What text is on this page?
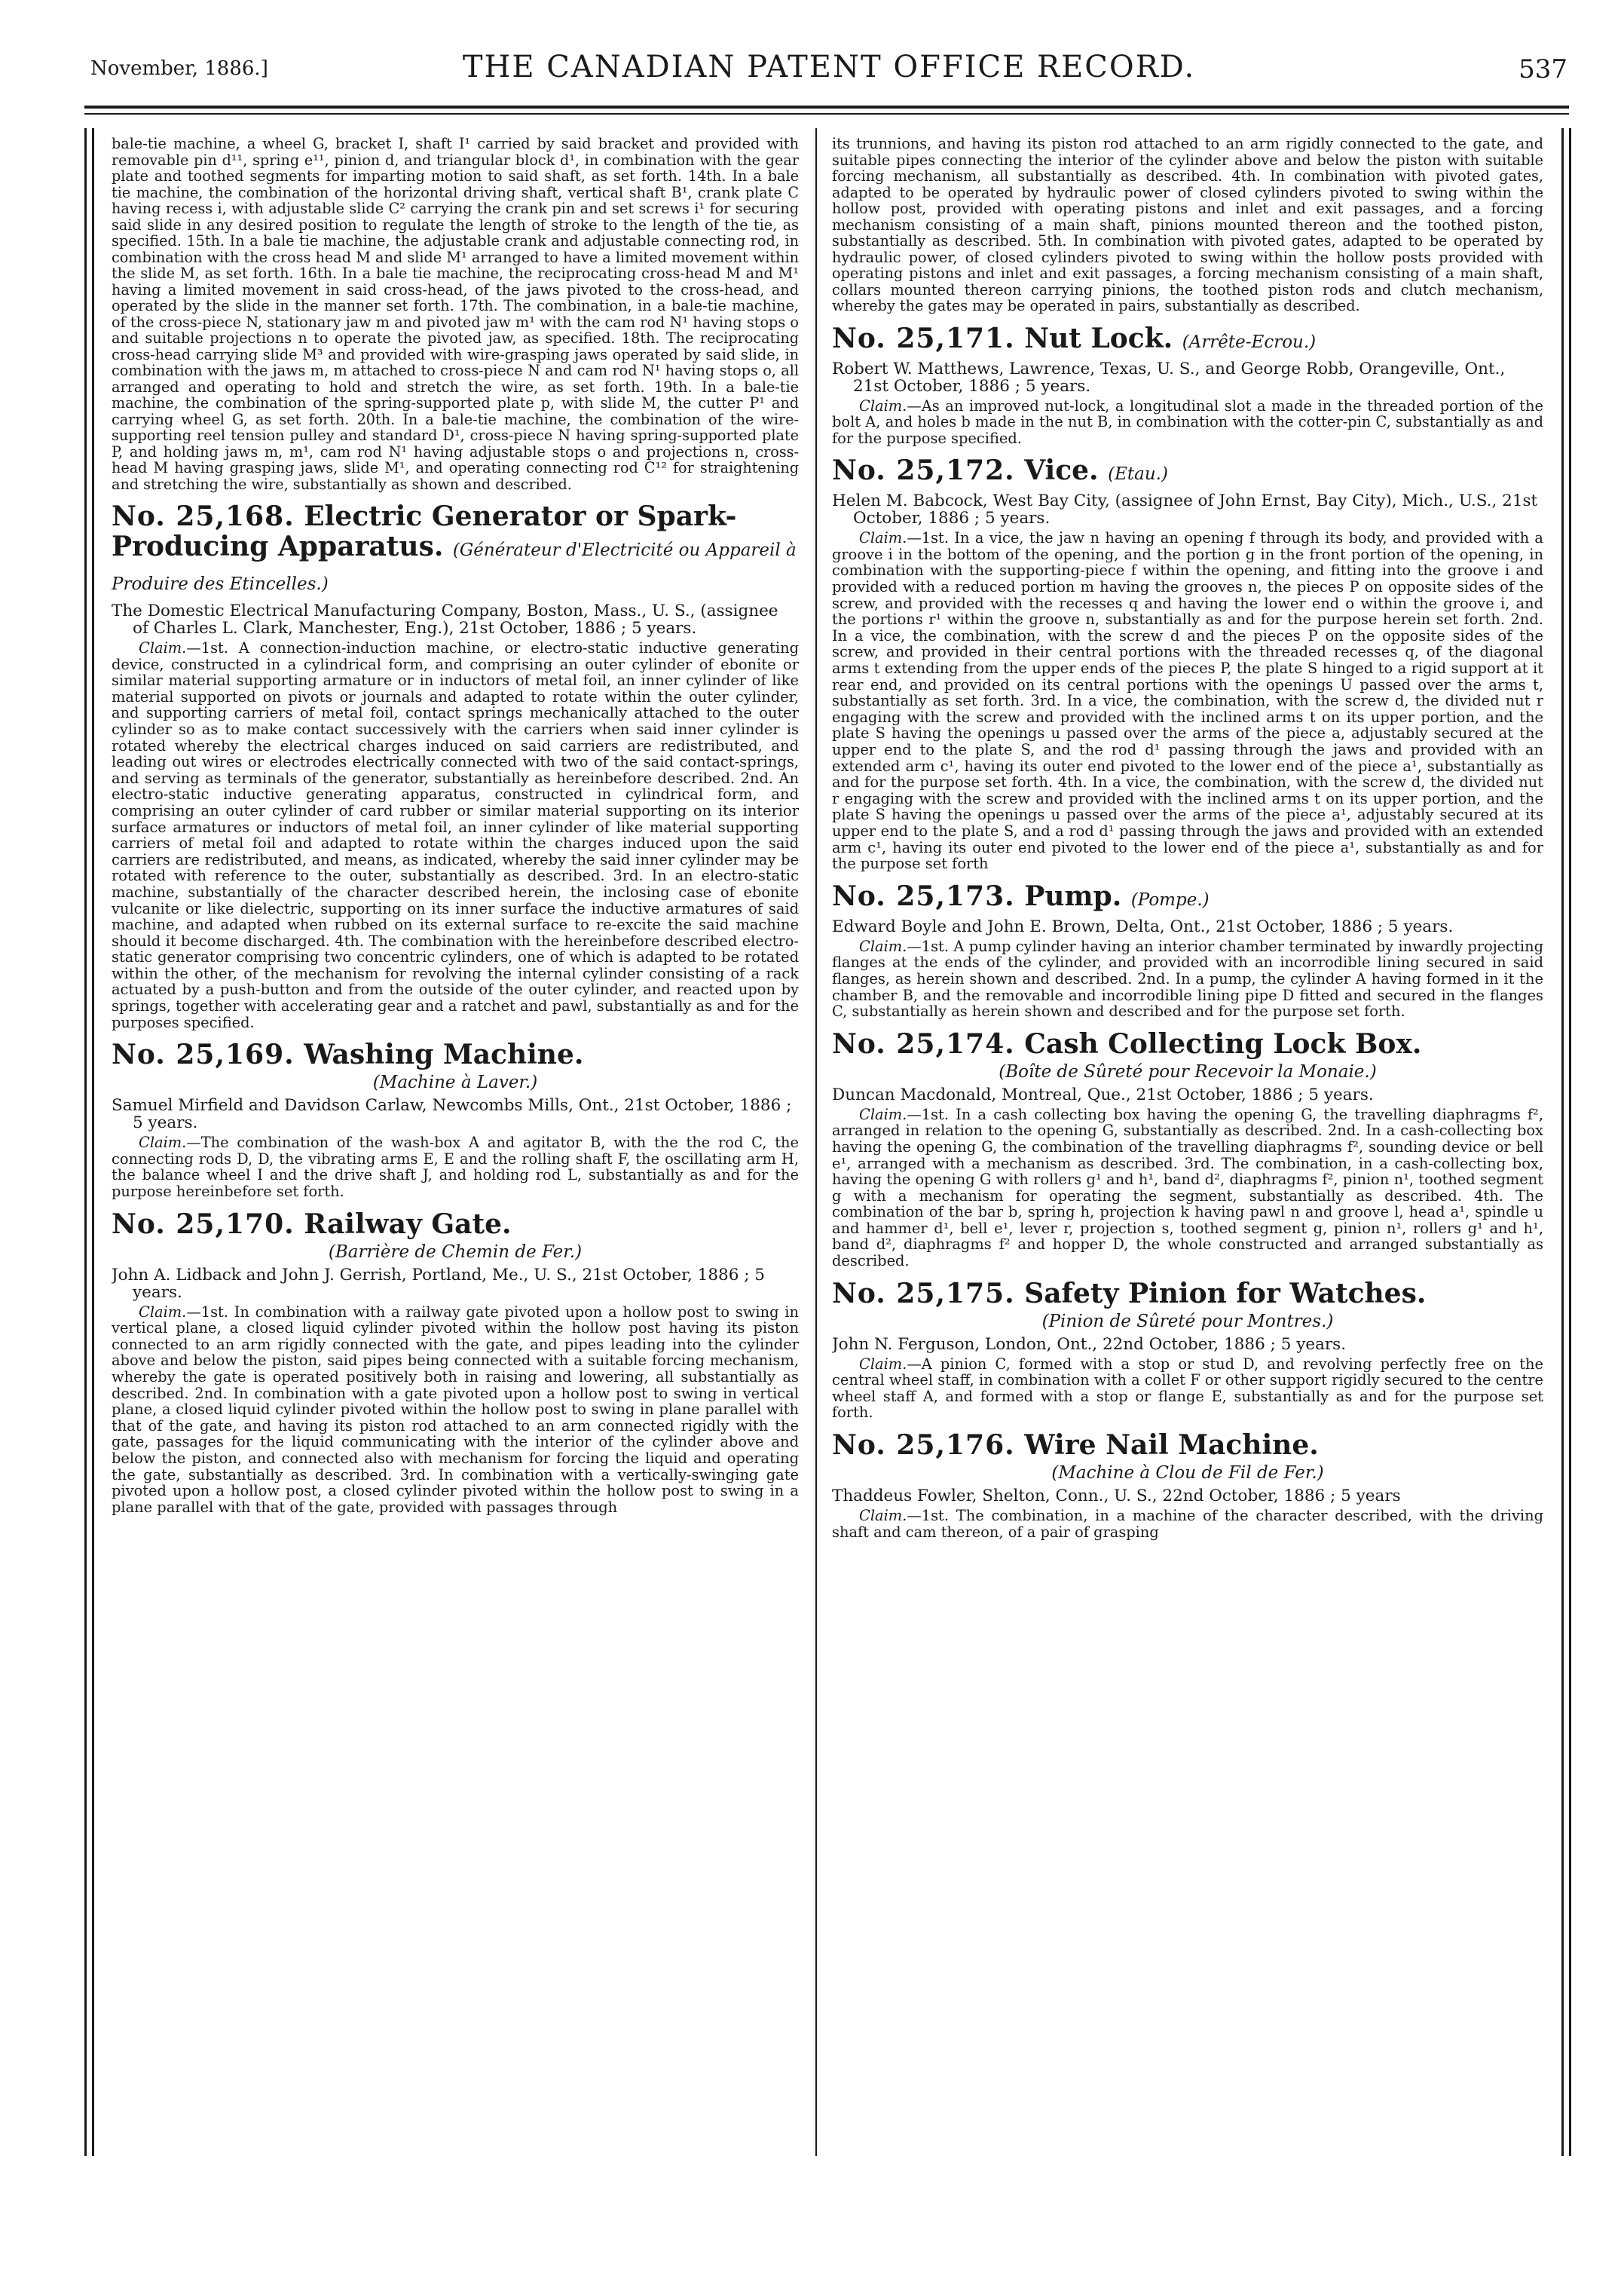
November, 1886.]	THE CANADIAN PATENT OFFICE RECORD.	537

bale-tie machine, a wheel G, bracket I, shaft I¹ carried by said bracket and provided with removable pin d¹¹, spring e¹¹, pinion d, and triangular block d¹, in combination with the gear plate and toothed segments for imparting motion to said shaft, as set forth. 14th. In a bale tie machine, the combination of the horizontal driving shaft, vertical shaft B¹, crank plate C having recess i, with adjustable slide C² carrying the crank pin and set screws i¹ for securing said slide in any desired position to regulate the length of stroke to the length of the tie, as specified. 15th. In a bale tie machine, the adjustable crank and adjustable connecting rod, in combination with the cross head M and slide M¹ arranged to have a limited movement within the slide M, as set forth. 16th. In a bale tie machine, the reciprocating cross-head M and M¹ having a limited movement in said cross-head, of the jaws pivoted to the cross-head, and operated by the slide in the manner set forth. 17th. The combination, in a bale-tie machine, of the cross-piece N, stationary jaw m and pivoted jaw m¹ with the cam rod N¹ having stops o and suitable projections n to operate the pivoted jaw, as specified. 18th. The reciprocating cross-head carrying slide M³ and provided with wire-grasping jaws operated by said slide, in combination with the jaws m, m attached to cross-piece N and cam rod N¹ having stops o, all arranged and operating to hold and stretch the wire, as set forth. 19th. In a bale-tie machine, the combination of the spring-supported plate p, with slide M, the cutter P¹ and carrying wheel G, as set forth. 20th. In a bale-tie machine, the combination of the wire-supporting reel tension pulley and standard D¹, cross-piece N having spring-supported plate P, and holding jaws m, m¹, cam rod N¹ having adjustable stops o and projections n, cross-head M having grasping jaws, slide M¹, and operating connecting rod C¹² for straightening and stretching the wire, substantially as shown and described.

No. 25,168. Electric Generator or Spark-Producing Apparatus. (Générateur d'Electricité ou Appareil à Produire des Etincelles.)

The Domestic Electrical Manufacturing Company, Boston, Mass., U. S., (assignee of Charles L. Clark, Manchester, Eng.), 21st October, 1886 ; 5 years.

Claim.—1st. A connection-induction machine, or electro-static inductive generating device, constructed in a cylindrical form, and comprising an outer cylinder of ebonite or similar material supporting armature or in inductors of metal foil, an inner cylinder of like material supported on pivots or journals and adapted to rotate within the outer cylinder, and supporting carriers of metal foil, contact springs mechanically attached to the outer cylinder so as to make contact successively with the carriers when said inner cylinder is rotated whereby the electrical charges induced on said carriers are redistributed, and leading out wires or electrodes electrically connected with two of the said contact-springs, and serving as terminals of the generator, substantially as hereinbefore described. 2nd. An electro-static inductive generating apparatus, constructed in cylindrical form, and comprising an outer cylinder of card rubber or similar material supporting on its interior surface armatures or inductors of metal foil, an inner cylinder of like material supporting carriers of metal foil and adapted to rotate within the charges induced upon the said carriers are redistributed, and means, as indicated, whereby the said inner cylinder may be rotated with reference to the outer, substantially as described. 3rd. In an electro-static machine, substantially of the character described herein, the inclosing case of ebonite vulcanite or like dielectric, supporting on its inner surface the inductive armatures of said machine, and adapted when rubbed on its external surface to re-excite the said machine should it become discharged. 4th. The combination with the hereinbefore described electro-static generator comprising two concentric cylinders, one of which is adapted to be rotated within the other, of the mechanism for revolving the internal cylinder consisting of a rack actuated by a push-button and from the outside of the outer cylinder, and reacted upon by springs, together with accelerating gear and a ratchet and pawl, substantially as and for the purposes specified.

No. 25,169. Washing Machine.
(Machine à Laver.)

Samuel Mirfield and Davidson Carlaw, Newcombs Mills, Ont., 21st October, 1886 ; 5 years.

Claim.—The combination of the wash-box A and agitator B, with the the rod C, the connecting rods D, D, the vibrating arms E, E and the rolling shaft F, the oscillating arm H, the balance wheel I and the drive shaft J, and holding rod L, substantially as and for the purpose hereinbefore set forth.

No. 25,170. Railway Gate.
(Barrière de Chemin de Fer.)

John A. Lidback and John J. Gerrish, Portland, Me., U. S., 21st October, 1886 ; 5 years.

Claim.—1st. In combination with a railway gate pivoted upon a hollow post to swing in vertical plane, a closed liquid cylinder pivoted within the hollow post having its piston connected to an arm rigidly connected with the gate, and pipes leading into the cylinder above and below the piston, said pipes being connected with a suitable forcing mechanism, whereby the gate is operated positively both in raising and lowering, all substantially as described. 2nd. In combination with a gate pivoted upon a hollow post to swing in vertical plane, a closed liquid cylinder pivoted within the hollow post to swing in plane parallel with that of the gate, and having its piston rod attached to an arm connected rigidly with the gate, passages for the liquid communicating with the interior of the cylinder above and below the piston, and connected also with mechanism for forcing the liquid and operating the gate, substantially as described. 3rd. In combination with a vertically-swinging gate pivoted upon a hollow post, a closed cylinder pivoted within the hollow post to swing in a plane parallel with that of the gate, provided with passages through

its trunnions, and having its piston rod attached to an arm rigidly connected to the gate, and suitable pipes connecting the interior of the cylinder above and below the piston with suitable forcing mechanism, all substantially as described. 4th. In combination with pivoted gates, adapted to be operated by hydraulic power of closed cylinders pivoted to swing within the hollow post, provided with operating pistons and inlet and exit passages, and a forcing mechanism consisting of a main shaft, pinions mounted thereon and the toothed piston, substantially as described. 5th. In combination with pivoted gates, adapted to be operated by hydraulic power, of closed cylinders pivoted to swing within the hollow posts provided with operating pistons and inlet and exit passages, a forcing mechanism consisting of a main shaft, collars mounted thereon carrying pinions, the toothed piston rods and clutch mechanism, whereby the gates may be operated in pairs, substantially as described.

No. 25,171. Nut Lock. (Arrête-Ecrou.)

Robert W. Matthews, Lawrence, Texas, U. S., and George Robb, Orangeville, Ont., 21st October, 1886 ; 5 years.

Claim.—As an improved nut-lock, a longitudinal slot a made in the threaded portion of the bolt A, and holes b made in the nut B, in combination with the cotter-pin C, substantially as and for the purpose specified.

No. 25,172. Vice. (Etau.)

Helen M. Babcock, West Bay City, (assignee of John Ernst, Bay City), Mich., U.S., 21st October, 1886 ; 5 years.

Claim.—1st. In a vice, the jaw n having an opening f through its body, and provided with a groove i in the bottom of the opening, and the portion g in the front portion of the opening, in combination with the supporting-piece f within the opening, and fitting into the groove i and provided with a reduced portion m having the grooves n, the pieces P on opposite sides of the screw, and provided with the recesses q and having the lower end o within the groove i, and the portions r¹ within the groove n, substantially as and for the purpose herein set forth. 2nd. In a vice, the combination, with the screw d and the pieces P on the opposite sides of the screw, and provided in their central portions with the threaded recesses q, of the diagonal arms t extending from the upper ends of the pieces P, the plate S hinged to a rigid support at it rear end, and provided on its central portions with the openings U passed over the arms t, substantially as set forth. 3rd. In a vice, the combination, with the screw d, the divided nut r engaging with the screw and provided with the inclined arms t on its upper portion, and the plate S having the openings u passed over the arms of the piece a, adjustably secured at the upper end to the plate S, and the rod d¹ passing through the jaws and provided with an extended arm c¹, having its outer end pivoted to the lower end of the piece a¹, substantially as and for the purpose set forth. 4th. In a vice, the combination, with the screw d, the divided nut r engaging with the screw and provided with the inclined arms t on its upper portion, and the plate S having the openings u passed over the arms of the piece a¹, adjustably secured at its upper end to the plate S, and a rod d¹ passing through the jaws and provided with an extended arm c¹, having its outer end pivoted to the lower end of the piece a¹, substantially as and for the purpose set forth

No. 25,173. Pump. (Pompe.)

Edward Boyle and John E. Brown, Delta, Ont., 21st October, 1886 ; 5 years.

Claim.—1st. A pump cylinder having an interior chamber terminated by inwardly projecting flanges at the ends of the cylinder, and provided with an incorrodible lining secured in said flanges, as herein shown and described. 2nd. In a pump, the cylinder A having formed in it the chamber B, and the removable and incorrodible lining pipe D fitted and secured in the flanges C, substantially as herein shown and described and for the purpose set forth.

No. 25,174. Cash Collecting Lock Box.
(Boîte de Sûreté pour Recevoir la Monaie.)

Duncan Macdonald, Montreal, Que., 21st October, 1886 ; 5 years.

Claim.—1st. In a cash collecting box having the opening G, the travelling diaphragms f², arranged in relation to the opening G, substantially as described. 2nd. In a cash-collecting box having the opening G, the combination of the travelling diaphragms f², sounding device or bell e¹, arranged with a mechanism as described. 3rd. The combination, in a cash-collecting box, having the opening G with rollers g¹ and h¹, band d², diaphragms f², pinion n¹, toothed segment g with a mechanism for operating the segment, substantially as described. 4th. The combination of the bar b, spring h, projection k having pawl n and groove l, head a¹, spindle u and hammer d¹, bell e¹, lever r, projection s, toothed segment g, pinion n¹, rollers g¹ and h¹, band d², diaphragms f² and hopper D, the whole constructed and arranged substantially as described.

No. 25,175. Safety Pinion for Watches.
(Pinion de Sûreté pour Montres.)

John N. Ferguson, London, Ont., 22nd October, 1886 ; 5 years.

Claim.—A pinion C, formed with a stop or stud D, and revolving perfectly free on the central wheel staff, in combination with a collet F or other support rigidly secured to the centre wheel staff A, and formed with a stop or flange E, substantially as and for the purpose set forth.

No. 25,176. Wire Nail Machine.
(Machine à Clou de Fil de Fer.)

Thaddeus Fowler, Shelton, Conn., U. S., 22nd October, 1886 ; 5 years

Claim.—1st. The combination, in a machine of the character described, with the driving shaft and cam thereon, of a pair of grasping
